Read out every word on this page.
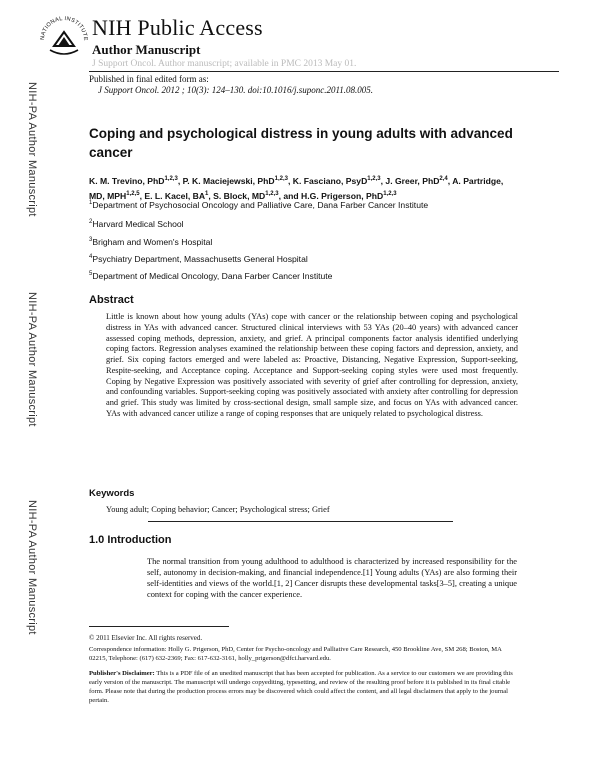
NATIONAL INSTITUTE NIH Public Access
Author Manuscript
J Support Oncol. Author manuscript; available in PMC 2013 May 01.
Published in final edited form as:
J Support Oncol. 2012 ; 10(3): 124–130. doi:10.1016/j.suponc.2011.08.005.
NIH-PA Author Manuscript
NIH-PA Author Manuscript
NIH-PA Author Manuscript
Coping and psychological distress in young adults with advanced cancer
K. M. Trevino, PhD$^{1,2,3}$, P. K. Maciejewski, PhD$^{1,2,3}$, K. Fasciano, PsyD$^{1,2,3}$, J. Greer, PhD$^{2,4}$, A. Partridge, MD, MPH$^{1,2,5}$, E. L. Kacel, $BA^1$, S. Block, MD$^{1,2,3}$, and H.G. Prigerson, PhD$^{1,2,3}$
$^1$Department of Psychosocial Oncology and Palliative Care, Dana Farber Cancer Institute
$^2$Harvard Medical School
$^3$Brigham and Women's Hospital
$^4$Psychiatry Department, Massachusetts General Hospital
$^5$Department of Medical Oncology, Dana Farber Cancer Institute
Abstract
Little is known about how young adults (YAs) cope with cancer or the relationship between coping and psychological distress in YAs with advanced cancer. Structured clinical interviews with 53 YAs (20–40 years) with advanced cancer assessed coping methods, depression, anxiety, and grief. A principal components factor analysis identified underlying coping factors. Regression analyses examined the relationship between these coping factors and depression, anxiety, and grief. Six coping factors emerged and were labeled as: Proactive, Distancing, Negative Expression, Support-seeking, Respite-seeking, and Acceptance coping. Acceptance and Support-seeking coping styles were used most frequently. Coping by Negative Expression was positively associated with severity of grief after controlling for depression, anxiety, and confounding variables. Support-seeking coping was positively associated with anxiety after controlling for depression and grief. This study was limited by cross-sectional design, small sample size, and focus on YAs with advanced cancer. YAs with advanced cancer utilize a range of coping responses that are uniquely related to psychological distress.
Keywords
Young adult; Coping behavior; Cancer; Psychological stress; Grief
1.0 Introduction
The normal transition from young adulthood to adulthood is characterized by increased responsibility for the self, autonomy in decision-making, and financial independence.[1] Young adults (YAs) are also forming their self-identities and views of the world.[1, 2] Cancer disrupts these developmental tasks[3–5], creating a unique context for coping with the cancer experience.
© 2011 Elsevier Inc. All rights reserved.
Correspondence information: Holly G. Prigerson, PhD, Center for Psycho-oncology and Palliative Care Research, 450 Brookline Ave, SM 268; Boston, MA 02215, Telephone: (617) 632-2369; Fax: 617-632-3161, holly_prigerson@dfci.harvard.edu.
Publisher's Disclaimer: This is a PDF file of an unedited manuscript that has been accepted for publication. As a service to our customers we are providing this early version of the manuscript. The manuscript will undergo copyediting, typesetting, and review of the resulting proof before it is published in its final citable form. Please note that during the production process errors may be discovered which could affect the content, and all legal disclaimers that apply to the journal pertain.
